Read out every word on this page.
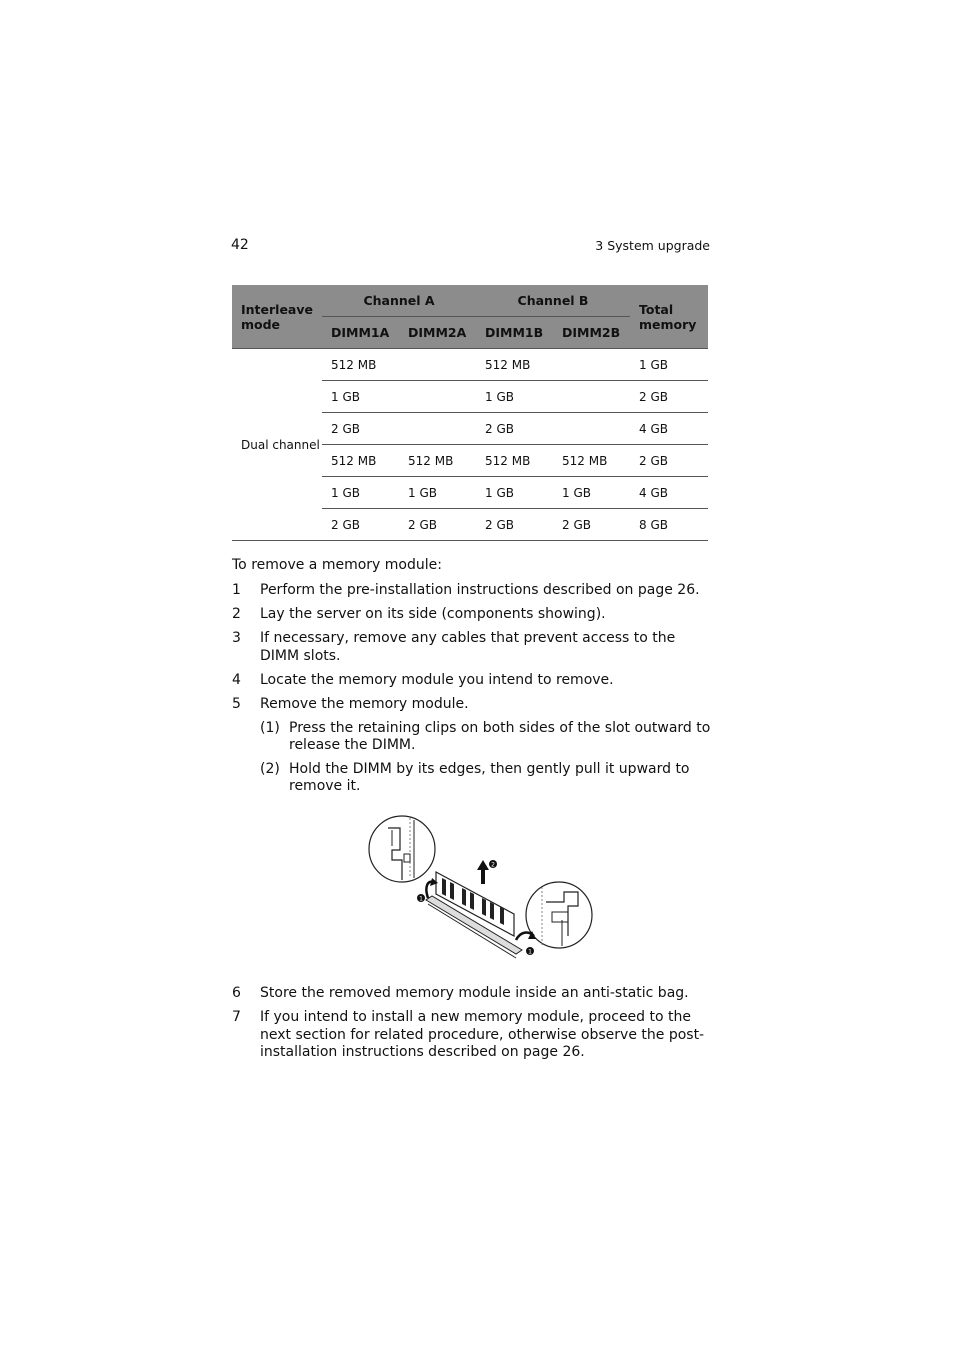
42	3 System upgrade
Interleave mode	Channel A		Channel B		Total memory
	DIMM1A	DIMM2A	DIMM1B	DIMM2B	
Dual channel	512 MB		512 MB		1 GB
	1 GB		1 GB		2 GB
	2 GB		2 GB		4 GB
	512 MB	512 MB	512 MB	512 MB	2 GB
	1 GB	1 GB	1 GB	1 GB	4 GB
	2 GB	2 GB	2 GB	2 GB	8 GB
To remove a memory module:
1 Perform the pre-installation instructions described on page 26.
2 Lay the server on its side (components showing).
3 If necessary, remove any cables that prevent access to the DIMM slots.
4 Locate the memory module you intend to remove.
5 Remove the memory module.
(1) Press the retaining clips on both sides of the slot outward to release the DIMM.
(2) Hold the DIMM by its edges, then gently pull it upward to remove it.
1
2
1
6 Store the removed memory module inside an anti-static bag.
7 If you intend to install a new memory module, proceed to the next section for related procedure, otherwise observe the post-installation instructions described on page 26.
